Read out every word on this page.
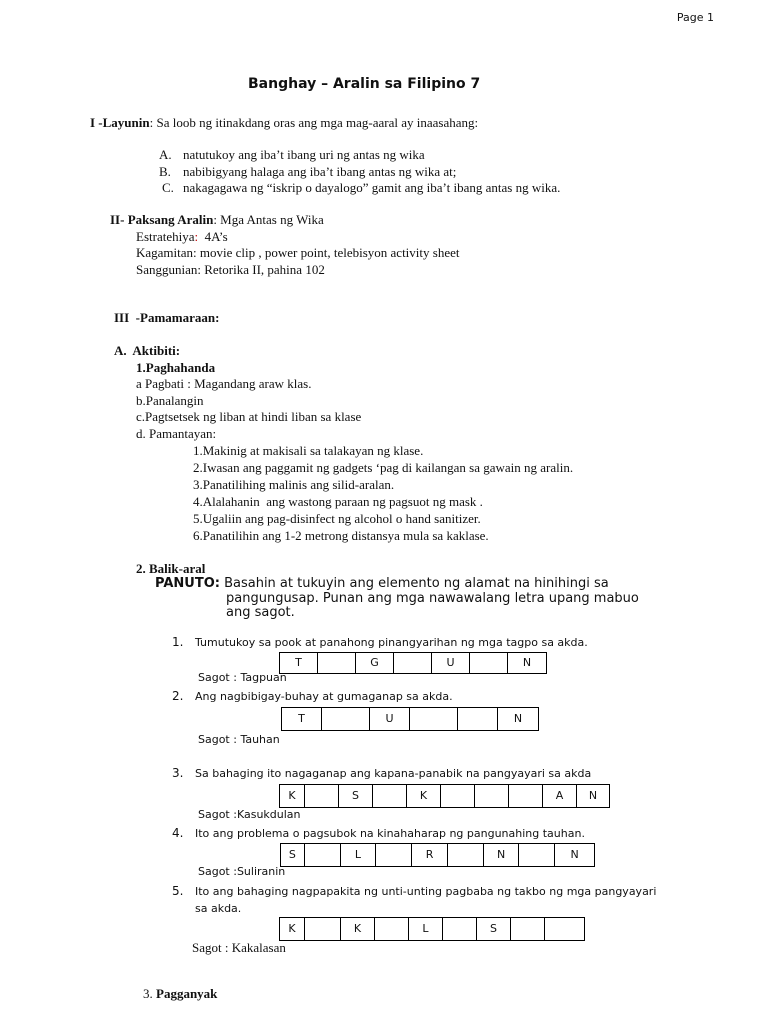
Page 1
Banghay – Aralin sa Filipino 7
I -Layunin: Sa loob ng itinakdang oras ang mga mag-aaral ay inaasahang:
A. natutukoy ang iba’t ibang uri ng antas ng wika
B. nabibigyang halaga ang iba’t ibang antas ng wika at;
C. nakagagawa ng “iskrip o dayalogo” gamit ang iba’t ibang antas ng wika.
II- Paksang Aralin: Mga Antas ng Wika
Estratehiya:  4A’s
Kagamitan: movie clip , power point, telebisyon activity sheet
Sanggunian: Retorika II, pahina 102
III  -Pamamaraan:
A.  Aktibiti:
1.Paghahanda
a Pagbati : Magandang araw klas.
b.Panalangin
c.Pagtsetsek ng liban at hindi liban sa klase
d. Pamantayan:
1.Makinig at makisali sa talakayan ng klase.
2.Iwasan ang paggamit ng gadgets ‘pag di kailangan sa gawain ng aralin.
3.Panatilihing malinis ang silid-aralan.
4.Alalahanin  ang wastong paraan ng pagsuot ng mask .
5.Ugaliin ang pag-disinfect ng alcohol o hand sanitizer.
6.Panatilihin ang 1-2 metrong distansya mula sa kaklase.
2. Balik-aral
PANUTO: Basahin at tukuyin ang elemento ng alamat na hinihingi sa
pangungusap. Punan ang mga nawawalang letra upang mabuo
ang sagot.
1. Tumutukoy sa pook at panahong pinangyarihan ng mga tagpo sa akda.
T	G	U	N
Sagot : Tagpuan
2. Ang nagbibigay-buhay at gumaganap sa akda.
T	U	N
Sagot : Tauhan
3. Sa bahaging ito nagaganap ang kapana-panabik na pangyayari sa akda
K	S	K	A	N
Sagot :Kasukdulan
4. Ito ang problema o pagsubok na kinahaharap ng pangunahing tauhan.
S	L	R	N	N
Sagot :Suliranin
5. Ito ang bahaging nagpapakita ng unti-unting pagbaba ng takbo ng mga pangyayari
sa akda.
K	K	L	S
Sagot : Kakalasan
3. Pagganyak
